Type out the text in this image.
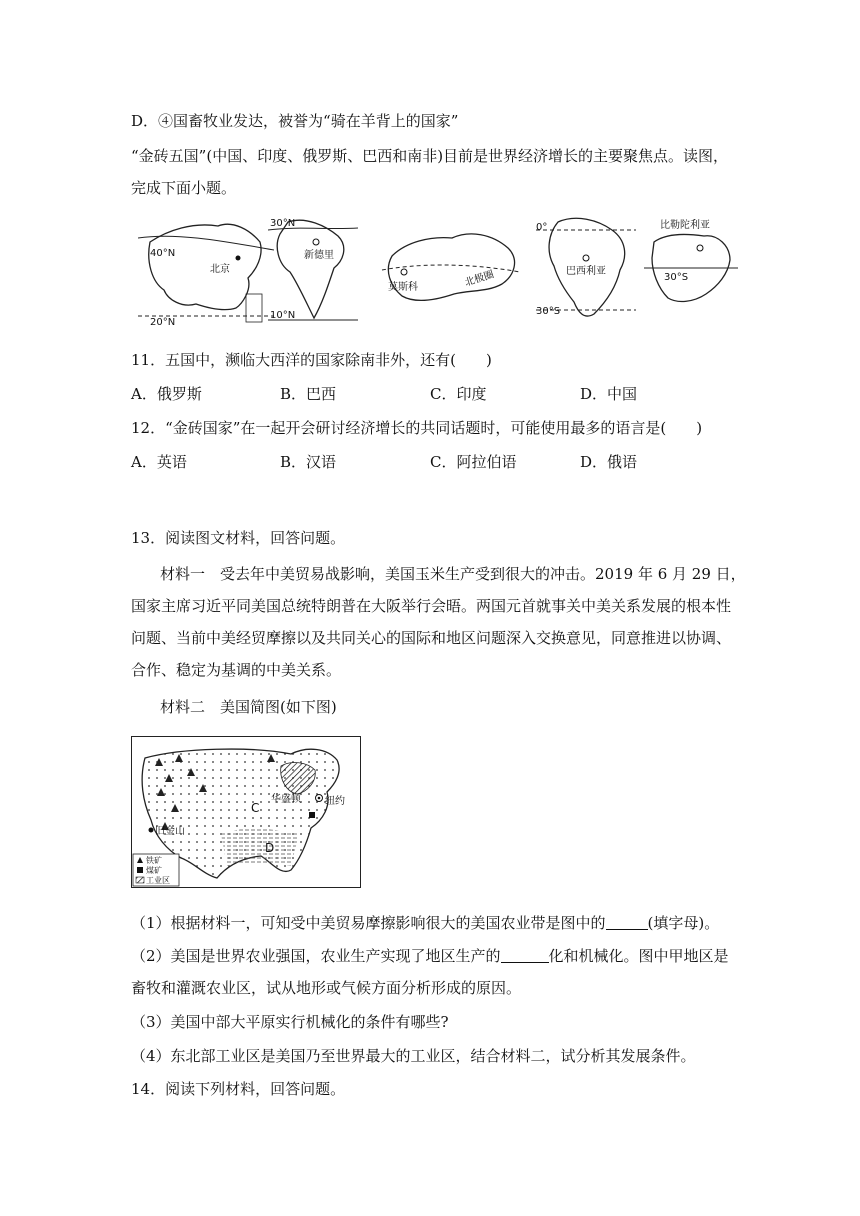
D．④国畜牧业发达，被誉为“骑在羊背上的国家”
“金砖五国”(中国、印度、俄罗斯、巴西和南非)目前是世界经济增长的主要聚焦点。读图，
完成下面小题。
40°N
北京
20°N
30°N
新德里
10°N
莫斯科	北极圈
0°
巴西利亚
30°S
比勒陀利亚
30°S
11．五国中，濒临大西洋的国家除南非外，还有(　　)
A．俄罗斯	B．巴西	C．印度	D．中国
12．“金砖国家”在一起开会研讨经济增长的共同话题时，可能使用最多的语言是(　　)
A．英语	B．汉语	C．阿拉伯语	D．俄语
13．阅读图文材料，回答问题。
材料一　受去年中美贸易战影响，美国玉米生产受到很大的冲击。2019 年 6 月 29 日，
国家主席习近平同美国总统特朗普在大阪举行会晤。两国元首就事关中美关系发展的根本性
问题、当前中美经贸摩擦以及共同关心的国际和地区问题深入交换意见，同意推进以协调、
合作、稳定为基调的中美关系。
材料二　美国简图(如下图)
华盛顿 纽约
旧金山
C
D
铁矿
煤矿
工业区
（1）根据材料一，可知受中美贸易摩擦影响很大的美国农业带是图中的	(填字母)。
（2）美国是世界农业强国，农业生产实现了地区生产的	化和机械化。图中甲地区是
畜牧和灌溉农业区，试从地形或气候方面分析形成的原因。
（3）美国中部大平原实行机械化的条件有哪些?
（4）东北部工业区是美国乃至世界最大的工业区，结合材料二，试分析其发展条件。
14．阅读下列材料，回答问题。
